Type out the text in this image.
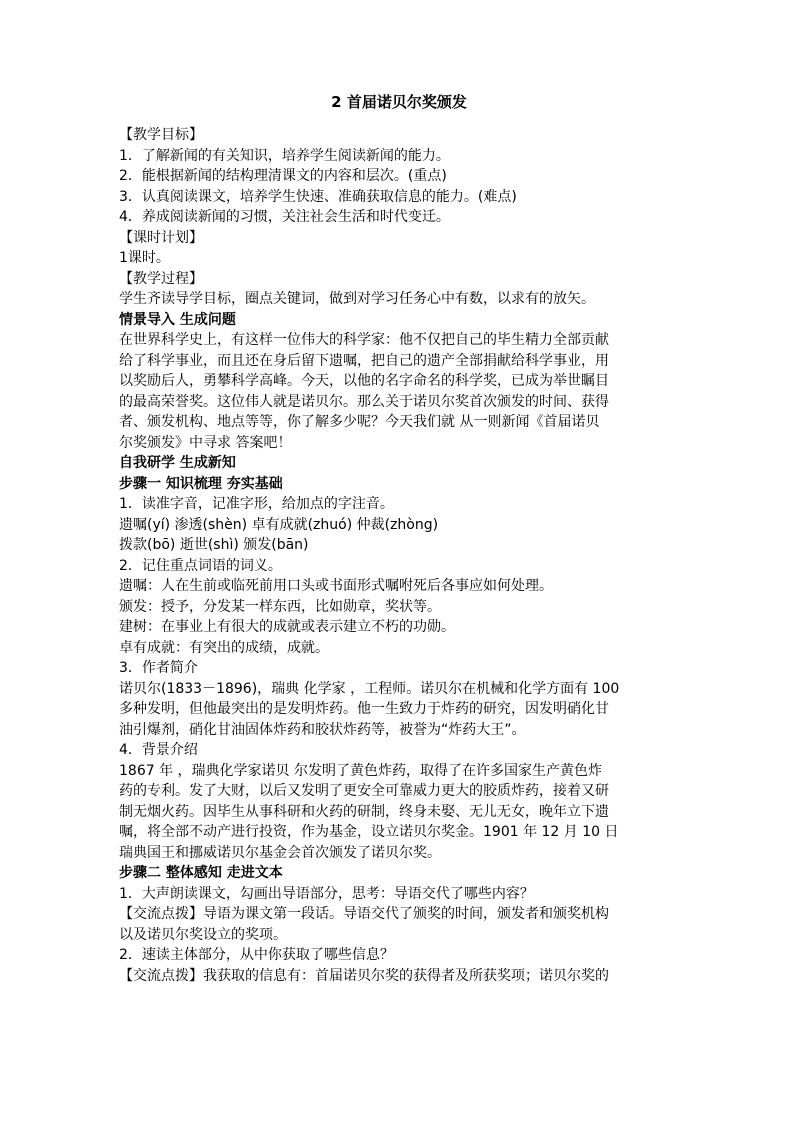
2 首届诺贝尔奖颁发
【教学目标】
1．了解新闻的有关知识，培养学生阅读新闻的能力。
2．能根据新闻的结构理清课文的内容和层次。(重点)
3．认真阅读课文，培养学生快速、准确获取信息的能力。(难点)
4．养成阅读新闻的习惯，关注社会生活和时代变迁。
【课时计划】
1课时。
【教学过程】
学生齐读导学目标，圈点关键词，做到对学习任务心中有数，以求有的放矢。
情景导入 生成问题
在世界科学史上，有这样一位伟大的科学家：他不仅把自己的毕生精力全部贡献
给了科学事业，而且还在身后留下遗嘱，把自己的遗产全部捐献给科学事业，用
以奖励后人，勇攀科学高峰。今天，以他的名字命名的科学奖，已成为举世瞩目
的最高荣誉奖。这位伟人就是诺贝尔。那么关于诺贝尔奖首次颁发的时间、获得
者、颁发机构、地点等等，你了解多少呢？今天我们就 从一则新闻《首届诺贝
尔奖颁发》中寻求 答案吧！
自我研学 生成新知
步骤一 知识梳理 夯实基础
1．读准字音，记准字形，给加点的字注音。
遗嘱(yí) 渗透(shèn) 卓有成就(zhuó) 仲裁(zhòng)
拨款(bō) 逝世(shì) 颁发(bān)
2．记住重点词语的词义。
遗嘱：人在生前或临死前用口头或书面形式嘱咐死后各事应如何处理。
颁发：授予，分发某一样东西，比如勋章，奖状等。
建树：在事业上有很大的成就或表示建立不朽的功勋。
卓有成就：有突出的成绩，成就。
3．作者简介
诺贝尔(1833－1896)，瑞典 化学家 ，工程师。诺贝尔在机械和化学方面有 100
多种发明，但他最突出的是发明炸药。他一生致力于炸药的研究，因发明硝化甘
油引爆剂，硝化甘油固体炸药和胶状炸药等，被誉为“炸药大王”。
4．背景介绍
1867 年 ，瑞典化学家诺贝 尔发明了黄色炸药，取得了在许多国家生产黄色炸
药的专利。发了大财，以后又发明了更安全可靠威力更大的胶质炸药，接着又研
制无烟火药。因毕生从事科研和火药的研制，终身未娶、无儿无女，晚年立下遗
嘱，将全部不动产进行投资，作为基金，设立诺贝尔奖金。1901 年 12 月 10 日
瑞典国王和挪威诺贝尔基金会首次颁发了诺贝尔奖。
步骤二 整体感知 走进文本
1．大声朗读课文，勾画出导语部分，思考：导语交代了哪些内容？
【交流点拨】导语为课文第一段话。导语交代了颁奖的时间，颁发者和颁奖机构
以及诺贝尔奖设立的奖项。
2．速读主体部分，从中你获取了哪些信息？
【交流点拨】我获取的信息有：首届诺贝尔奖的获得者及所获奖项；诺贝尔奖的
